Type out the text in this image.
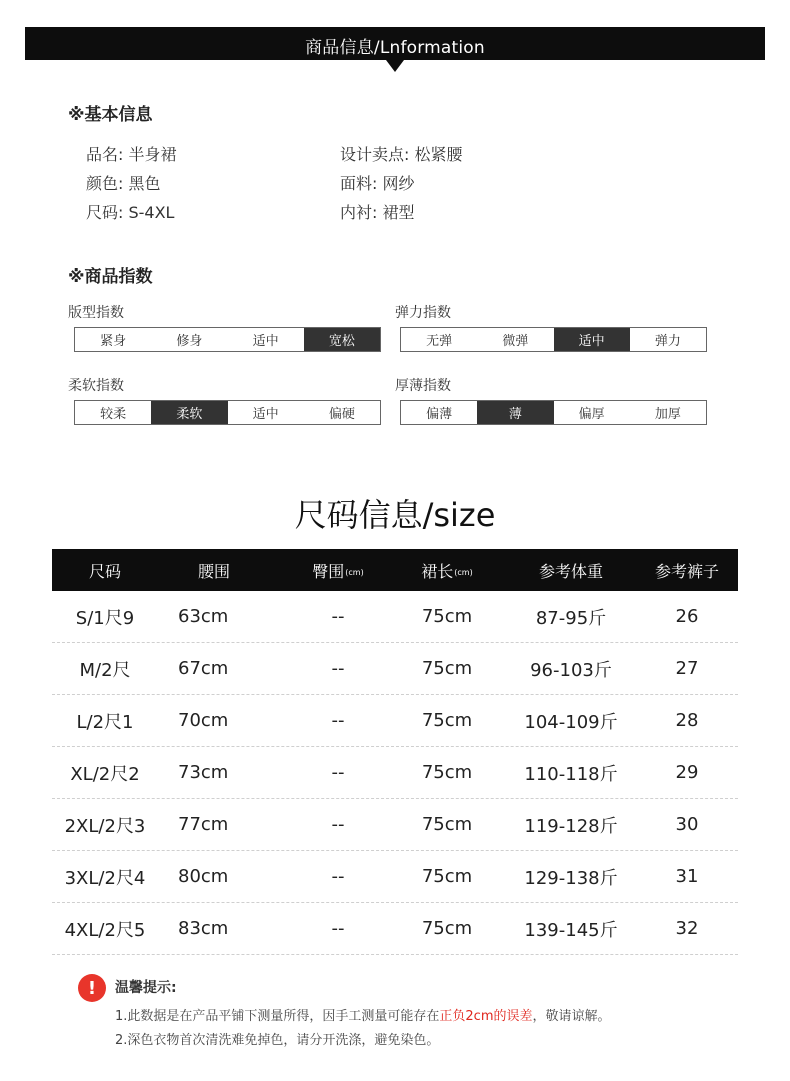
商品信息/Lnformation
※基本信息
品名: 半身裙	设计卖点: 松紧腰
颜色: 黑色	面料: 网纱
尺码: S-4XL	内衬: 裙型
※商品指数
版型指数
紧身	修身	适中	宽松
弹力指数
无弹	微弹	适中	弹力
柔软指数
较柔	柔软	适中	偏硬
厚薄指数
偏薄	薄	偏厚	加厚
尺码信息/size
尺码	腰围	臀围 (cm)	裙长 (cm)	参考体重	参考裤子
S/1尺9	63cm	--	75cm	87-95斤	26
M/2尺	67cm	--	75cm	96-103斤	27
L/2尺1	70cm	--	75cm	104-109斤	28
XL/2尺2	73cm	--	75cm	110-118斤	29
2XL/2尺3	77cm	--	75cm	119-128斤	30
3XL/2尺4	80cm	--	75cm	129-138斤	31
4XL/2尺5	83cm	--	75cm	139-145斤	32
!	温馨提示:
1.此数据是在产品平铺下测量所得，因手工测量可能存在正负2cm的误差，敬请谅解。
2.深色衣物首次清洗难免掉色，请分开洗涤，避免染色。
